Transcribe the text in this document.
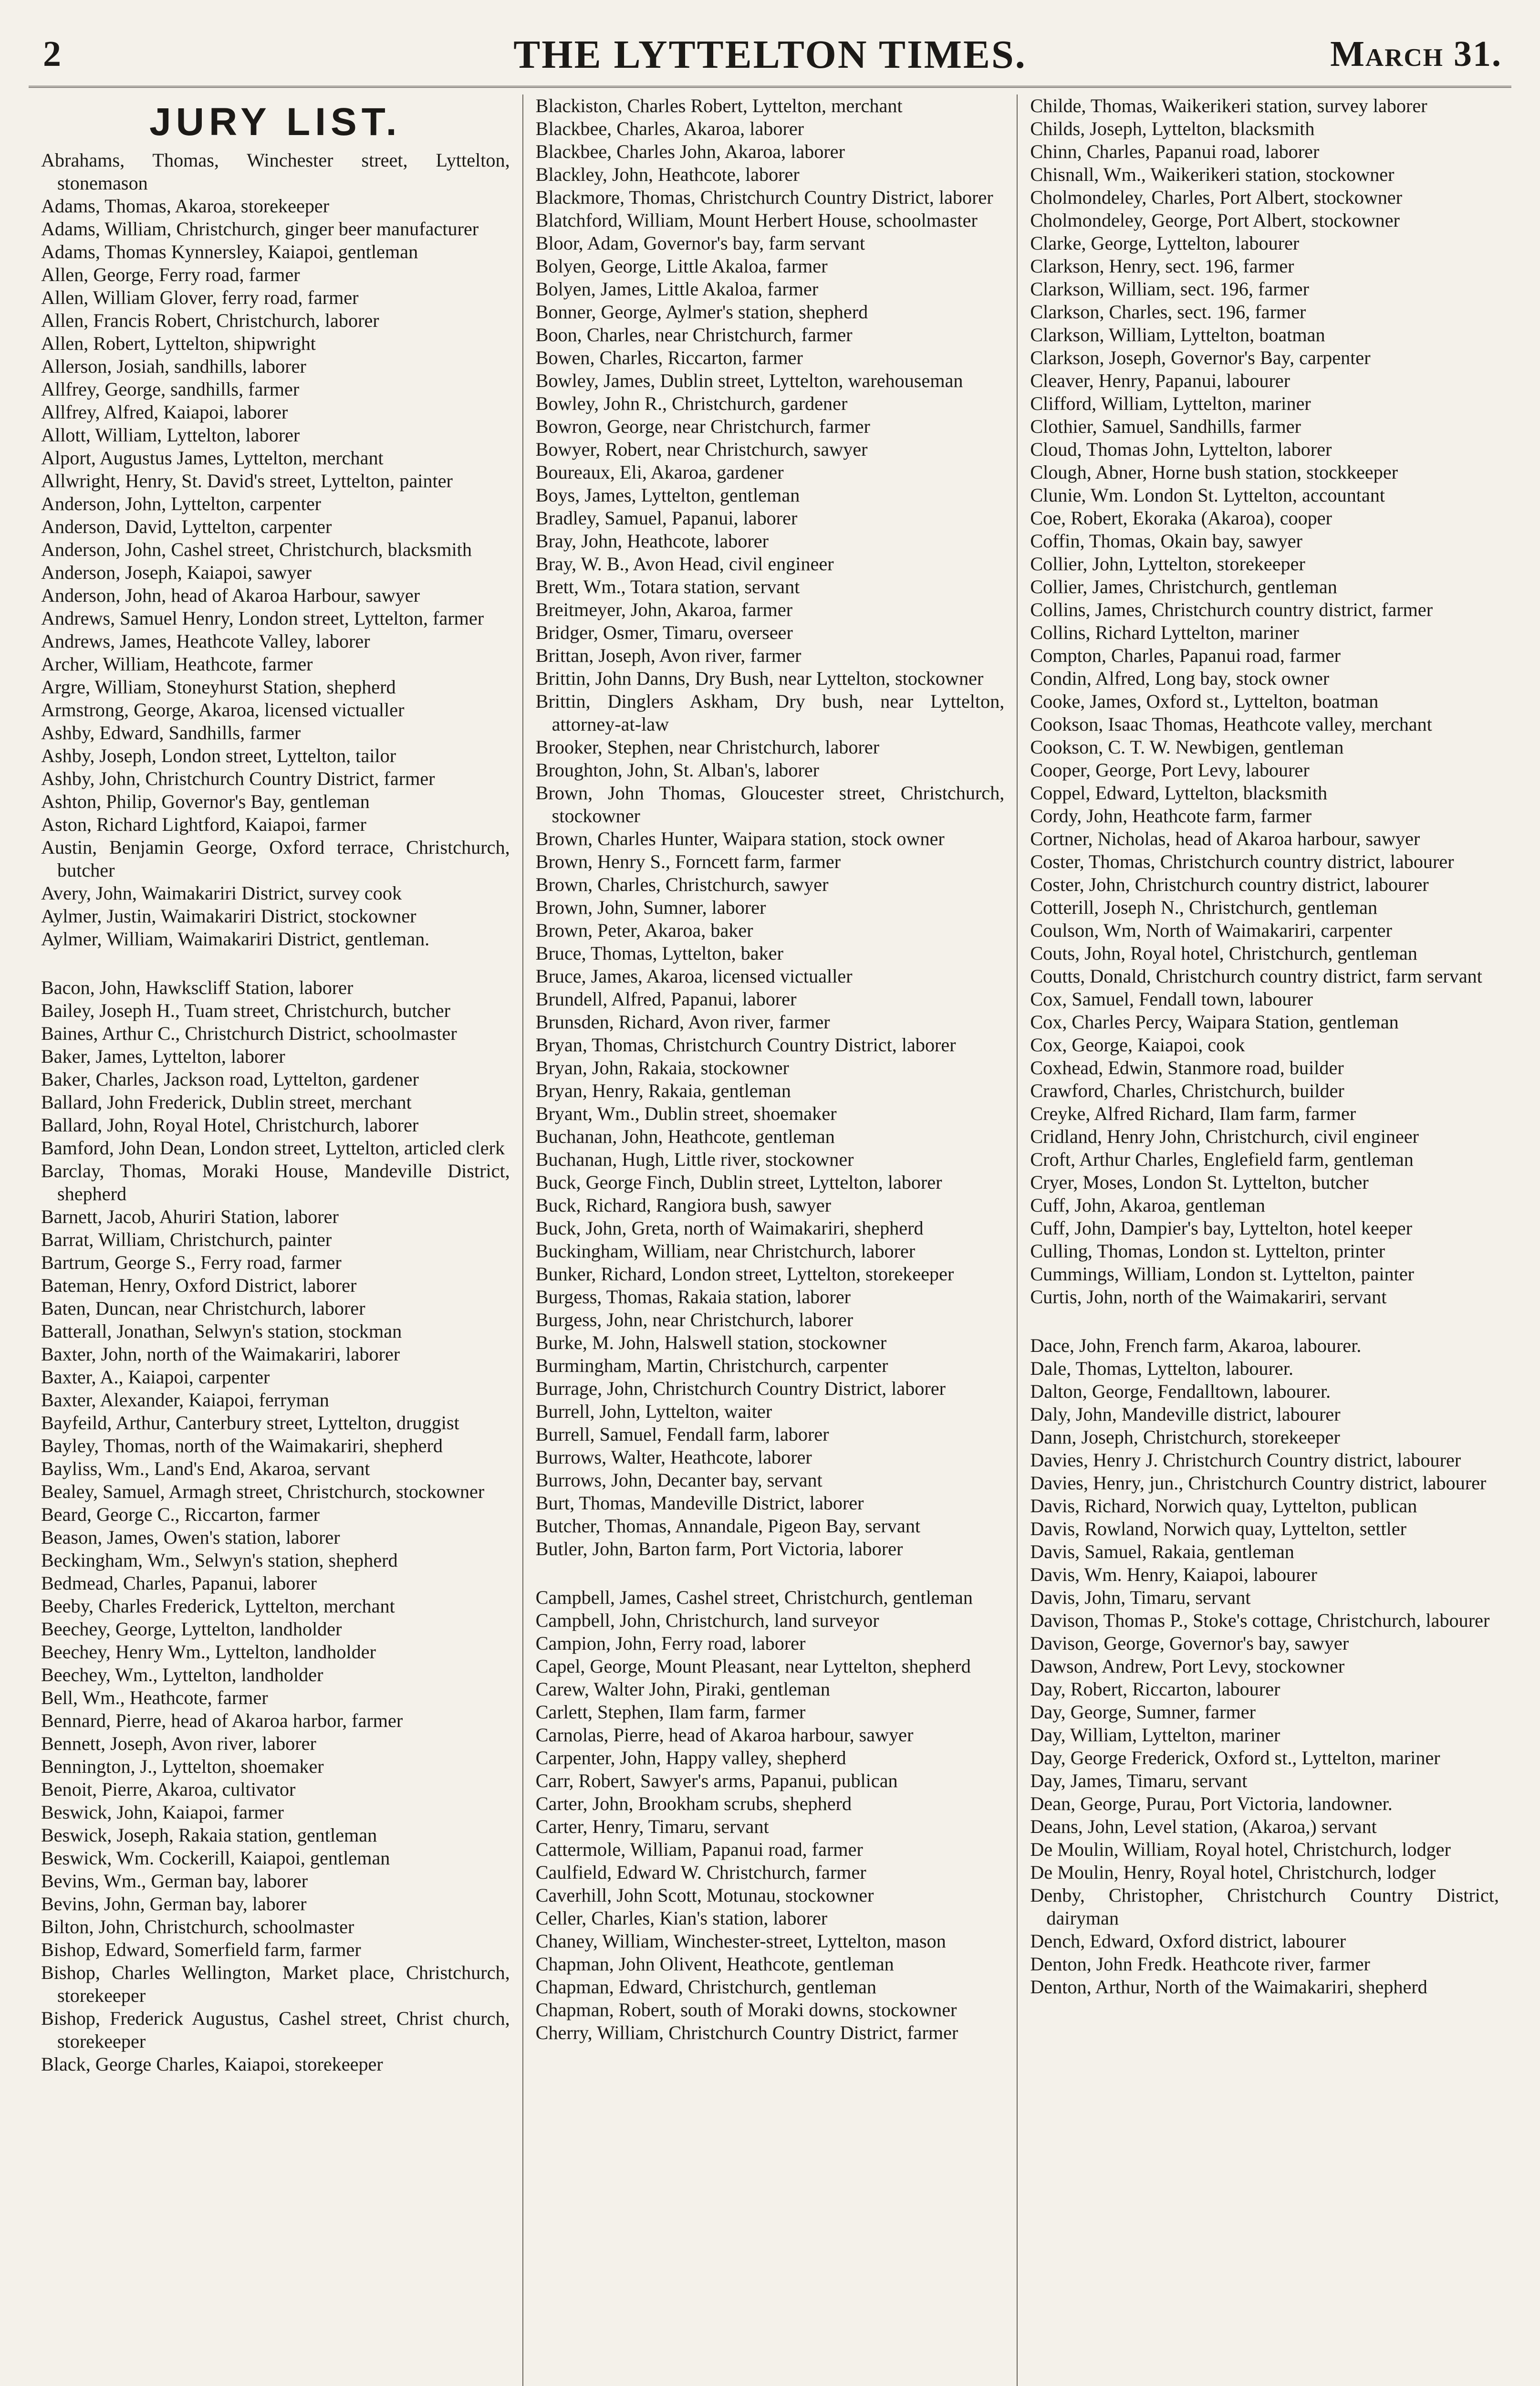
2	THE LYTTELTON TIMES.	March 31.
JURY LIST.
Abrahams, Thomas, Winchester street, Lyttelton, stonemason
Adams, Thomas, Akaroa, storekeeper
Adams, William, Christchurch, ginger beer manufacturer
Adams, Thomas Kynnersley, Kaiapoi, gentleman
Allen, George, Ferry road, farmer
Allen, William Glover, ferry road, farmer
Allen, Francis Robert, Christchurch, laborer
Allen, Robert, Lyttelton, shipwright
Allerson, Josiah, sandhills, laborer
Allfrey, George, sandhills, farmer
Allfrey, Alfred, Kaiapoi, laborer
Allott, William, Lyttelton, laborer
Alport, Augustus James, Lyttelton, merchant
Allwright, Henry, St. David's street, Lyttelton, painter
Anderson, John, Lyttelton, carpenter
Anderson, David, Lyttelton, carpenter
Anderson, John, Cashel street, Christchurch, blacksmith
Anderson, Joseph, Kaiapoi, sawyer
Anderson, John, head of Akaroa Harbour, sawyer
Andrews, Samuel Henry, London street, Lyttelton, farmer
Andrews, James, Heathcote Valley, laborer
Archer, William, Heathcote, farmer
Argre, William, Stoneyhurst Station, shepherd
Armstrong, George, Akaroa, licensed victualler
Ashby, Edward, Sandhills, farmer
Ashby, Joseph, London street, Lyttelton, tailor
Ashby, John, Christchurch Country District, farmer
Ashton, Philip, Governor's Bay, gentleman
Aston, Richard Lightford, Kaiapoi, farmer
Austin, Benjamin George, Oxford terrace, Christchurch, butcher
Avery, John, Waimakariri District, survey cook
Aylmer, Justin, Waimakariri District, stockowner
Aylmer, William, Waimakariri District, gentleman.
Bacon, John, Hawkscliff Station, laborer
Bailey, Joseph H., Tuam street, Christchurch, butcher
Baines, Arthur C., Christchurch District, schoolmaster
Baker, James, Lyttelton, laborer
Baker, Charles, Jackson road, Lyttelton, gardener
Ballard, John Frederick, Dublin street, merchant
Ballard, John, Royal Hotel, Christchurch, laborer
Bamford, John Dean, London street, Lyttelton, articled clerk
Barclay, Thomas, Moraki House, Mandeville District, shepherd
Barnett, Jacob, Ahuriri Station, laborer
Barrat, William, Christchurch, painter
Bartrum, George S., Ferry road, farmer
Bateman, Henry, Oxford District, laborer
Baten, Duncan, near Christchurch, laborer
Batterall, Jonathan, Selwyn's station, stockman
Baxter, John, north of the Waimakariri, laborer
Baxter, A., Kaiapoi, carpenter
Baxter, Alexander, Kaiapoi, ferryman
Bayfeild, Arthur, Canterbury street, Lyttelton, druggist
Bayley, Thomas, north of the Waimakariri, shepherd
Bayliss, Wm., Land's End, Akaroa, servant
Bealey, Samuel, Armagh street, Christchurch, stockowner
Beard, George C., Riccarton, farmer
Beason, James, Owen's station, laborer
Beckingham, Wm., Selwyn's station, shepherd
Bedmead, Charles, Papanui, laborer
Beeby, Charles Frederick, Lyttelton, merchant
Beechey, George, Lyttelton, landholder
Beechey, Henry Wm., Lyttelton, landholder
Beechey, Wm., Lyttelton, landholder
Bell, Wm., Heathcote, farmer
Bennard, Pierre, head of Akaroa harbor, farmer
Bennett, Joseph, Avon river, laborer
Bennington, J., Lyttelton, shoemaker
Benoit, Pierre, Akaroa, cultivator
Beswick, John, Kaiapoi, farmer
Beswick, Joseph, Rakaia station, gentleman
Beswick, Wm. Cockerill, Kaiapoi, gentleman
Bevins, Wm., German bay, laborer
Bevins, John, German bay, laborer
Bilton, John, Christchurch, schoolmaster
Bishop, Edward, Somerfield farm, farmer
Bishop, Charles Wellington, Market place, Christchurch, storekeeper
Bishop, Frederick Augustus, Cashel street, Christ church, storekeeper
Black, George Charles, Kaiapoi, storekeeper
Blackiston, Charles Robert, Lyttelton, merchant
Blackbee, Charles, Akaroa, laborer
Blackbee, Charles John, Akaroa, laborer
Blackley, John, Heathcote, laborer
Blackmore, Thomas, Christchurch Country District, laborer
Blatchford, William, Mount Herbert House, schoolmaster
Bloor, Adam, Governor's bay, farm servant
Bolyen, George, Little Akaloa, farmer
Bolyen, James, Little Akaloa, farmer
Bonner, George, Aylmer's station, shepherd
Boon, Charles, near Christchurch, farmer
Bowen, Charles, Riccarton, farmer
Bowley, James, Dublin street, Lyttelton, warehouseman
Bowley, John R., Christchurch, gardener
Bowron, George, near Christchurch, farmer
Bowyer, Robert, near Christchurch, sawyer
Boureaux, Eli, Akaroa, gardener
Boys, James, Lyttelton, gentleman
Bradley, Samuel, Papanui, laborer
Bray, John, Heathcote, laborer
Bray, W. B., Avon Head, civil engineer
Brett, Wm., Totara station, servant
Breitmeyer, John, Akaroa, farmer
Bridger, Osmer, Timaru, overseer
Brittan, Joseph, Avon river, farmer
Brittin, John Danns, Dry Bush, near Lyttelton, stockowner
Brittin, Dinglers Askham, Dry bush, near Lyttelton, attorney-at-law
Brooker, Stephen, near Christchurch, laborer
Broughton, John, St. Alban's, laborer
Brown, John Thomas, Gloucester street, Christchurch, stockowner
Brown, Charles Hunter, Waipara station, stock owner
Brown, Henry S., Forncett farm, farmer
Brown, Charles, Christchurch, sawyer
Brown, John, Sumner, laborer
Brown, Peter, Akaroa, baker
Bruce, Thomas, Lyttelton, baker
Bruce, James, Akaroa, licensed victualler
Brundell, Alfred, Papanui, laborer
Brunsden, Richard, Avon river, farmer
Bryan, Thomas, Christchurch Country District, laborer
Bryan, John, Rakaia, stockowner
Bryan, Henry, Rakaia, gentleman
Bryant, Wm., Dublin street, shoemaker
Buchanan, John, Heathcote, gentleman
Buchanan, Hugh, Little river, stockowner
Buck, George Finch, Dublin street, Lyttelton, laborer
Buck, Richard, Rangiora bush, sawyer
Buck, John, Greta, north of Waimakariri, shepherd
Buckingham, William, near Christchurch, laborer
Bunker, Richard, London street, Lyttelton, storekeeper
Burgess, Thomas, Rakaia station, laborer
Burgess, John, near Christchurch, laborer
Burke, M. John, Halswell station, stockowner
Burmingham, Martin, Christchurch, carpenter
Burrage, John, Christchurch Country District, laborer
Burrell, John, Lyttelton, waiter
Burrell, Samuel, Fendall farm, laborer
Burrows, Walter, Heathcote, laborer
Burrows, John, Decanter bay, servant
Burt, Thomas, Mandeville District, laborer
Butcher, Thomas, Annandale, Pigeon Bay, servant
Butler, John, Barton farm, Port Victoria, laborer
Campbell, James, Cashel street, Christchurch, gentleman
Campbell, John, Christchurch, land surveyor
Campion, John, Ferry road, laborer
Capel, George, Mount Pleasant, near Lyttelton, shepherd
Carew, Walter John, Piraki, gentleman
Carlett, Stephen, Ilam farm, farmer
Carnolas, Pierre, head of Akaroa harbour, sawyer
Carpenter, John, Happy valley, shepherd
Carr, Robert, Sawyer's arms, Papanui, publican
Carter, John, Brookham scrubs, shepherd
Carter, Henry, Timaru, servant
Cattermole, William, Papanui road, farmer
Caulfield, Edward W. Christchurch, farmer
Caverhill, John Scott, Motunau, stockowner
Celler, Charles, Kian's station, laborer
Chaney, William, Winchester-street, Lyttelton, mason
Chapman, John Olivent, Heathcote, gentleman
Chapman, Edward, Christchurch, gentleman
Chapman, Robert, south of Moraki downs, stockowner
Cherry, William, Christchurch Country District, farmer
Childe, Thomas, Waikerikeri station, survey laborer
Childs, Joseph, Lyttelton, blacksmith
Chinn, Charles, Papanui road, laborer
Chisnall, Wm., Waikerikeri station, stockowner
Cholmondeley, Charles, Port Albert, stockowner
Cholmondeley, George, Port Albert, stockowner
Clarke, George, Lyttelton, labourer
Clarkson, Henry, sect. 196, farmer
Clarkson, William, sect. 196, farmer
Clarkson, Charles, sect. 196, farmer
Clarkson, William, Lyttelton, boatman
Clarkson, Joseph, Governor's Bay, carpenter
Cleaver, Henry, Papanui, labourer
Clifford, William, Lyttelton, mariner
Clothier, Samuel, Sandhills, farmer
Cloud, Thomas John, Lyttelton, laborer
Clough, Abner, Horne bush station, stockkeeper
Clunie, Wm. London St. Lyttelton, accountant
Coe, Robert, Ekoraka (Akaroa), cooper
Coffin, Thomas, Okain bay, sawyer
Collier, John, Lyttelton, storekeeper
Collier, James, Christchurch, gentleman
Collins, James, Christchurch country district, farmer
Collins, Richard Lyttelton, mariner
Compton, Charles, Papanui road, farmer
Condin, Alfred, Long bay, stock owner
Cooke, James, Oxford st., Lyttelton, boatman
Cookson, Isaac Thomas, Heathcote valley, merchant
Cookson, C. T. W. Newbigen, gentleman
Cooper, George, Port Levy, labourer
Coppel, Edward, Lyttelton, blacksmith
Cordy, John, Heathcote farm, farmer
Cortner, Nicholas, head of Akaroa harbour, sawyer
Coster, Thomas, Christchurch country district, labourer
Coster, John, Christchurch country district, labourer
Cotterill, Joseph N., Christchurch, gentleman
Coulson, Wm, North of Waimakariri, carpenter
Couts, John, Royal hotel, Christchurch, gentleman
Coutts, Donald, Christchurch country district, farm servant
Cox, Samuel, Fendall town, labourer
Cox, Charles Percy, Waipara Station, gentleman
Cox, George, Kaiapoi, cook
Coxhead, Edwin, Stanmore road, builder
Crawford, Charles, Christchurch, builder
Creyke, Alfred Richard, Ilam farm, farmer
Cridland, Henry John, Christchurch, civil engineer
Croft, Arthur Charles, Englefield farm, gentleman
Cryer, Moses, London St. Lyttelton, butcher
Cuff, John, Akaroa, gentleman
Cuff, John, Dampier's bay, Lyttelton, hotel keeper
Culling, Thomas, London st. Lyttelton, printer
Cummings, William, London st. Lyttelton, painter
Curtis, John, north of the Waimakariri, servant
Dace, John, French farm, Akaroa, labourer.
Dale, Thomas, Lyttelton, labourer.
Dalton, George, Fendalltown, labourer.
Daly, John, Mandeville district, labourer
Dann, Joseph, Christchurch, storekeeper
Davies, Henry J. Christchurch Country district, labourer
Davies, Henry, jun., Christchurch Country district, labourer
Davis, Richard, Norwich quay, Lyttelton, publican
Davis, Rowland, Norwich quay, Lyttelton, settler
Davis, Samuel, Rakaia, gentleman
Davis, Wm. Henry, Kaiapoi, labourer
Davis, John, Timaru, servant
Davison, Thomas P., Stoke's cottage, Christchurch, labourer
Davison, George, Governor's bay, sawyer
Dawson, Andrew, Port Levy, stockowner
Day, Robert, Riccarton, labourer
Day, George, Sumner, farmer
Day, William, Lyttelton, mariner
Day, George Frederick, Oxford st., Lyttelton, mariner
Day, James, Timaru, servant
Dean, George, Purau, Port Victoria, landowner.
Deans, John, Level station, (Akaroa,) servant
De Moulin, William, Royal hotel, Christchurch, lodger
De Moulin, Henry, Royal hotel, Christchurch, lodger
Denby, Christopher, Christchurch Country District, dairyman
Dench, Edward, Oxford district, labourer
Denton, John Fredk. Heathcote river, farmer
Denton, Arthur, North of the Waimakariri, shepherd
